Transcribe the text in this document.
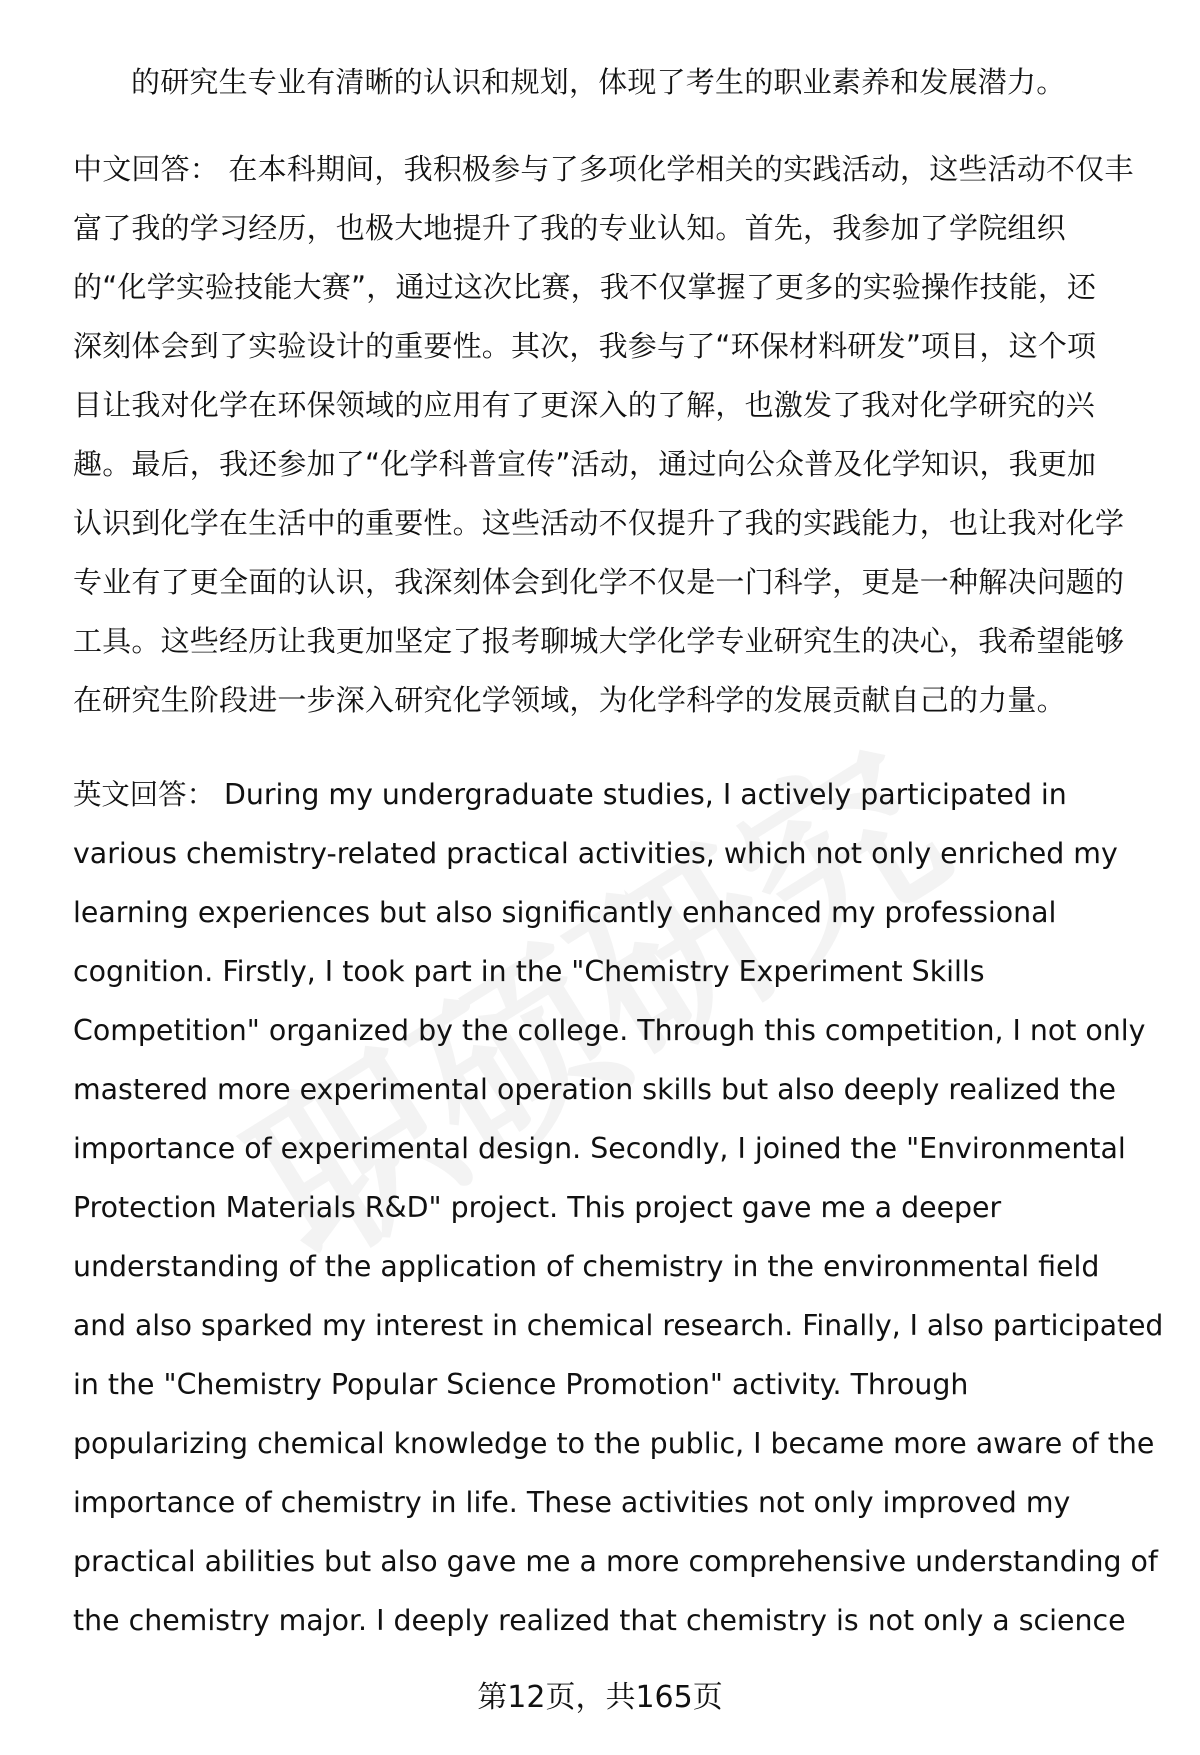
的研究生专业有清晰的认识和规划，体现了考生的职业素养和发展潜力。

中文回答： 在本科期间，我积极参与了多项化学相关的实践活动，这些活动不仅丰
富了我的学习经历，也极大地提升了我的专业认知。首先，我参加了学院组织
的“化学实验技能大赛”，通过这次比赛，我不仅掌握了更多的实验操作技能，还
深刻体会到了实验设计的重要性。其次，我参与了“环保材料研发”项目，这个项
目让我对化学在环保领域的应用有了更深入的了解，也激发了我对化学研究的兴
趣。最后，我还参加了“化学科普宣传”活动，通过向公众普及化学知识，我更加
认识到化学在生活中的重要性。这些活动不仅提升了我的实践能力，也让我对化学
专业有了更全面的认识，我深刻体会到化学不仅是一门科学，更是一种解决问题的
工具。这些经历让我更加坚定了报考聊城大学化学专业研究生的决心，我希望能够
在研究生阶段进一步深入研究化学领域，为化学科学的发展贡献自己的力量。

英文回答： During my undergraduate studies, I actively participated in
various chemistry-related practical activities, which not only enriched my
learning experiences but also significantly enhanced my professional
cognition. Firstly, I took part in the "Chemistry Experiment Skills
Competition" organized by the college. Through this competition, I not only
mastered more experimental operation skills but also deeply realized the
importance of experimental design. Secondly, I joined the "Environmental
Protection Materials R&D" project. This project gave me a deeper
understanding of the application of chemistry in the environmental field
and also sparked my interest in chemical research. Finally, I also participated
in the "Chemistry Popular Science Promotion" activity. Through
popularizing chemical knowledge to the public, I became more aware of the
importance of chemistry in life. These activities not only improved my
practical abilities but also gave me a more comprehensive understanding of
the chemistry major. I deeply realized that chemistry is not only a science

第12页，共165页
